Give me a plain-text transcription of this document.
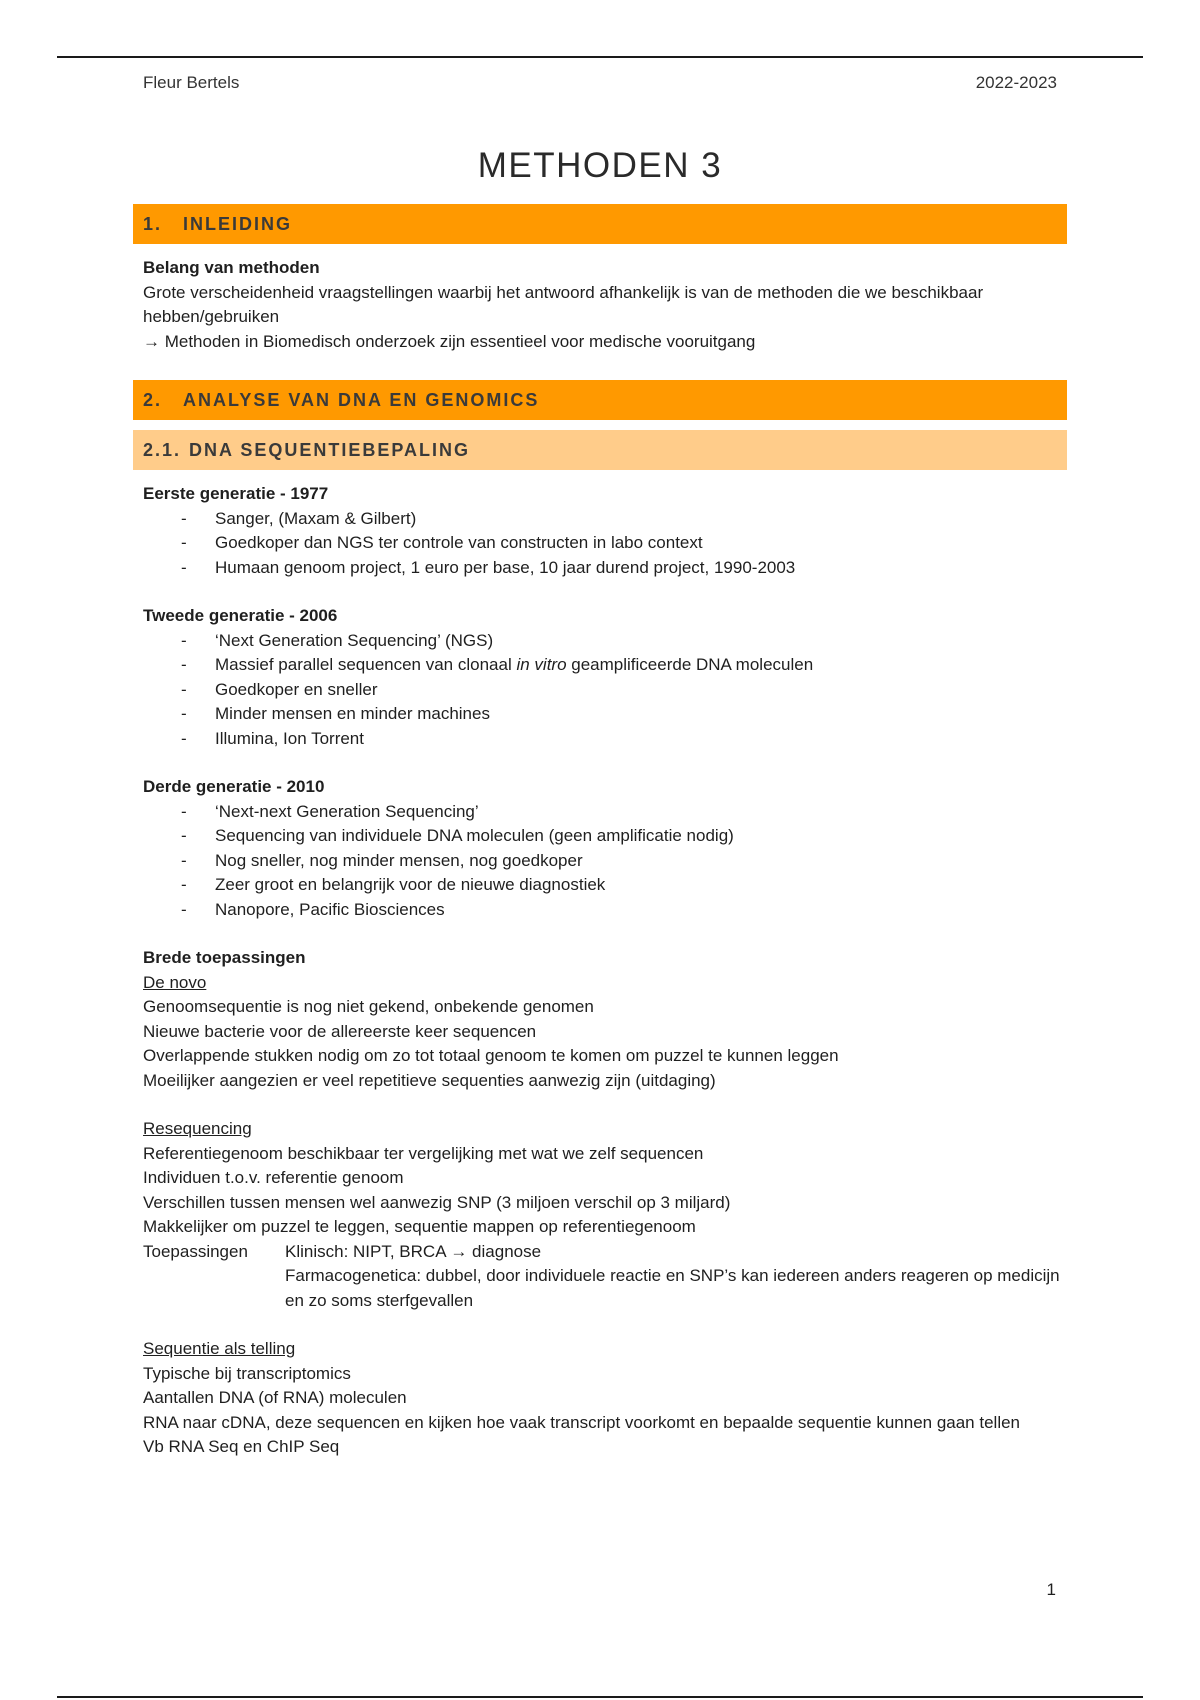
Fleur Bertels	2022-2023
METHODEN 3
1. INLEIDING

Belang van methoden

Grote verscheidenheid vraagstellingen waarbij het antwoord afhankelijk is van de methoden die we beschikbaar hebben/gebruiken

→ Methoden in Biomedisch onderzoek zijn essentieel voor medische vooruitgang

2. ANALYSE VAN DNA EN GENOMICS
2.1. DNA SEQUENTIEBEPALING

Eerste generatie - 1977

- Sanger, (Maxam & Gilbert)
- Goedkoper dan NGS ter controle van constructen in labo context
- Humaan genoom project, 1 euro per base, 10 jaar durend project, 1990-2003

Tweede generatie - 2006

- ‘Next Generation Sequencing’ (NGS)
- Massief parallel sequencen van clonaal in vitro geamplificeerde DNA moleculen
- Goedkoper en sneller
- Minder mensen en minder machines
- Illumina, Ion Torrent

Derde generatie - 2010

- ‘Next-next Generation Sequencing’
- Sequencing van individuele DNA moleculen (geen amplificatie nodig)
- Nog sneller, nog minder mensen, nog goedkoper
- Zeer groot en belangrijk voor de nieuwe diagnostiek
- Nanopore, Pacific Biosciences

Brede toepassingen

De novo

Genoomsequentie is nog niet gekend, onbekende genomen

Nieuwe bacterie voor de allereerste keer sequencen

Overlappende stukken nodig om zo tot totaal genoom te komen om puzzel te kunnen leggen

Moeilijker aangezien er veel repetitieve sequenties aanwezig zijn (uitdaging)

Resequencing

Referentiegenoom beschikbaar ter vergelijking met wat we zelf sequencen

Individuen t.o.v. referentie genoom

Verschillen tussen mensen wel aanwezig SNP (3 miljoen verschil op 3 miljard)

Makkelijker om puzzel te leggen, sequentie mappen op referentiegenoom

Toepassingen	Klinisch: NIPT, BRCA → diagnose

Farmacogenetica: dubbel, door individuele reactie en SNP’s kan iedereen anders reageren op medicijn en zo soms sterfgevallen

Sequentie als telling

Typische bij transcriptomics

Aantallen DNA (of RNA) moleculen

RNA naar cDNA, deze sequencen en kijken hoe vaak transcript voorkomt en bepaalde sequentie kunnen gaan tellen

Vb RNA Seq en ChIP Seq

1
